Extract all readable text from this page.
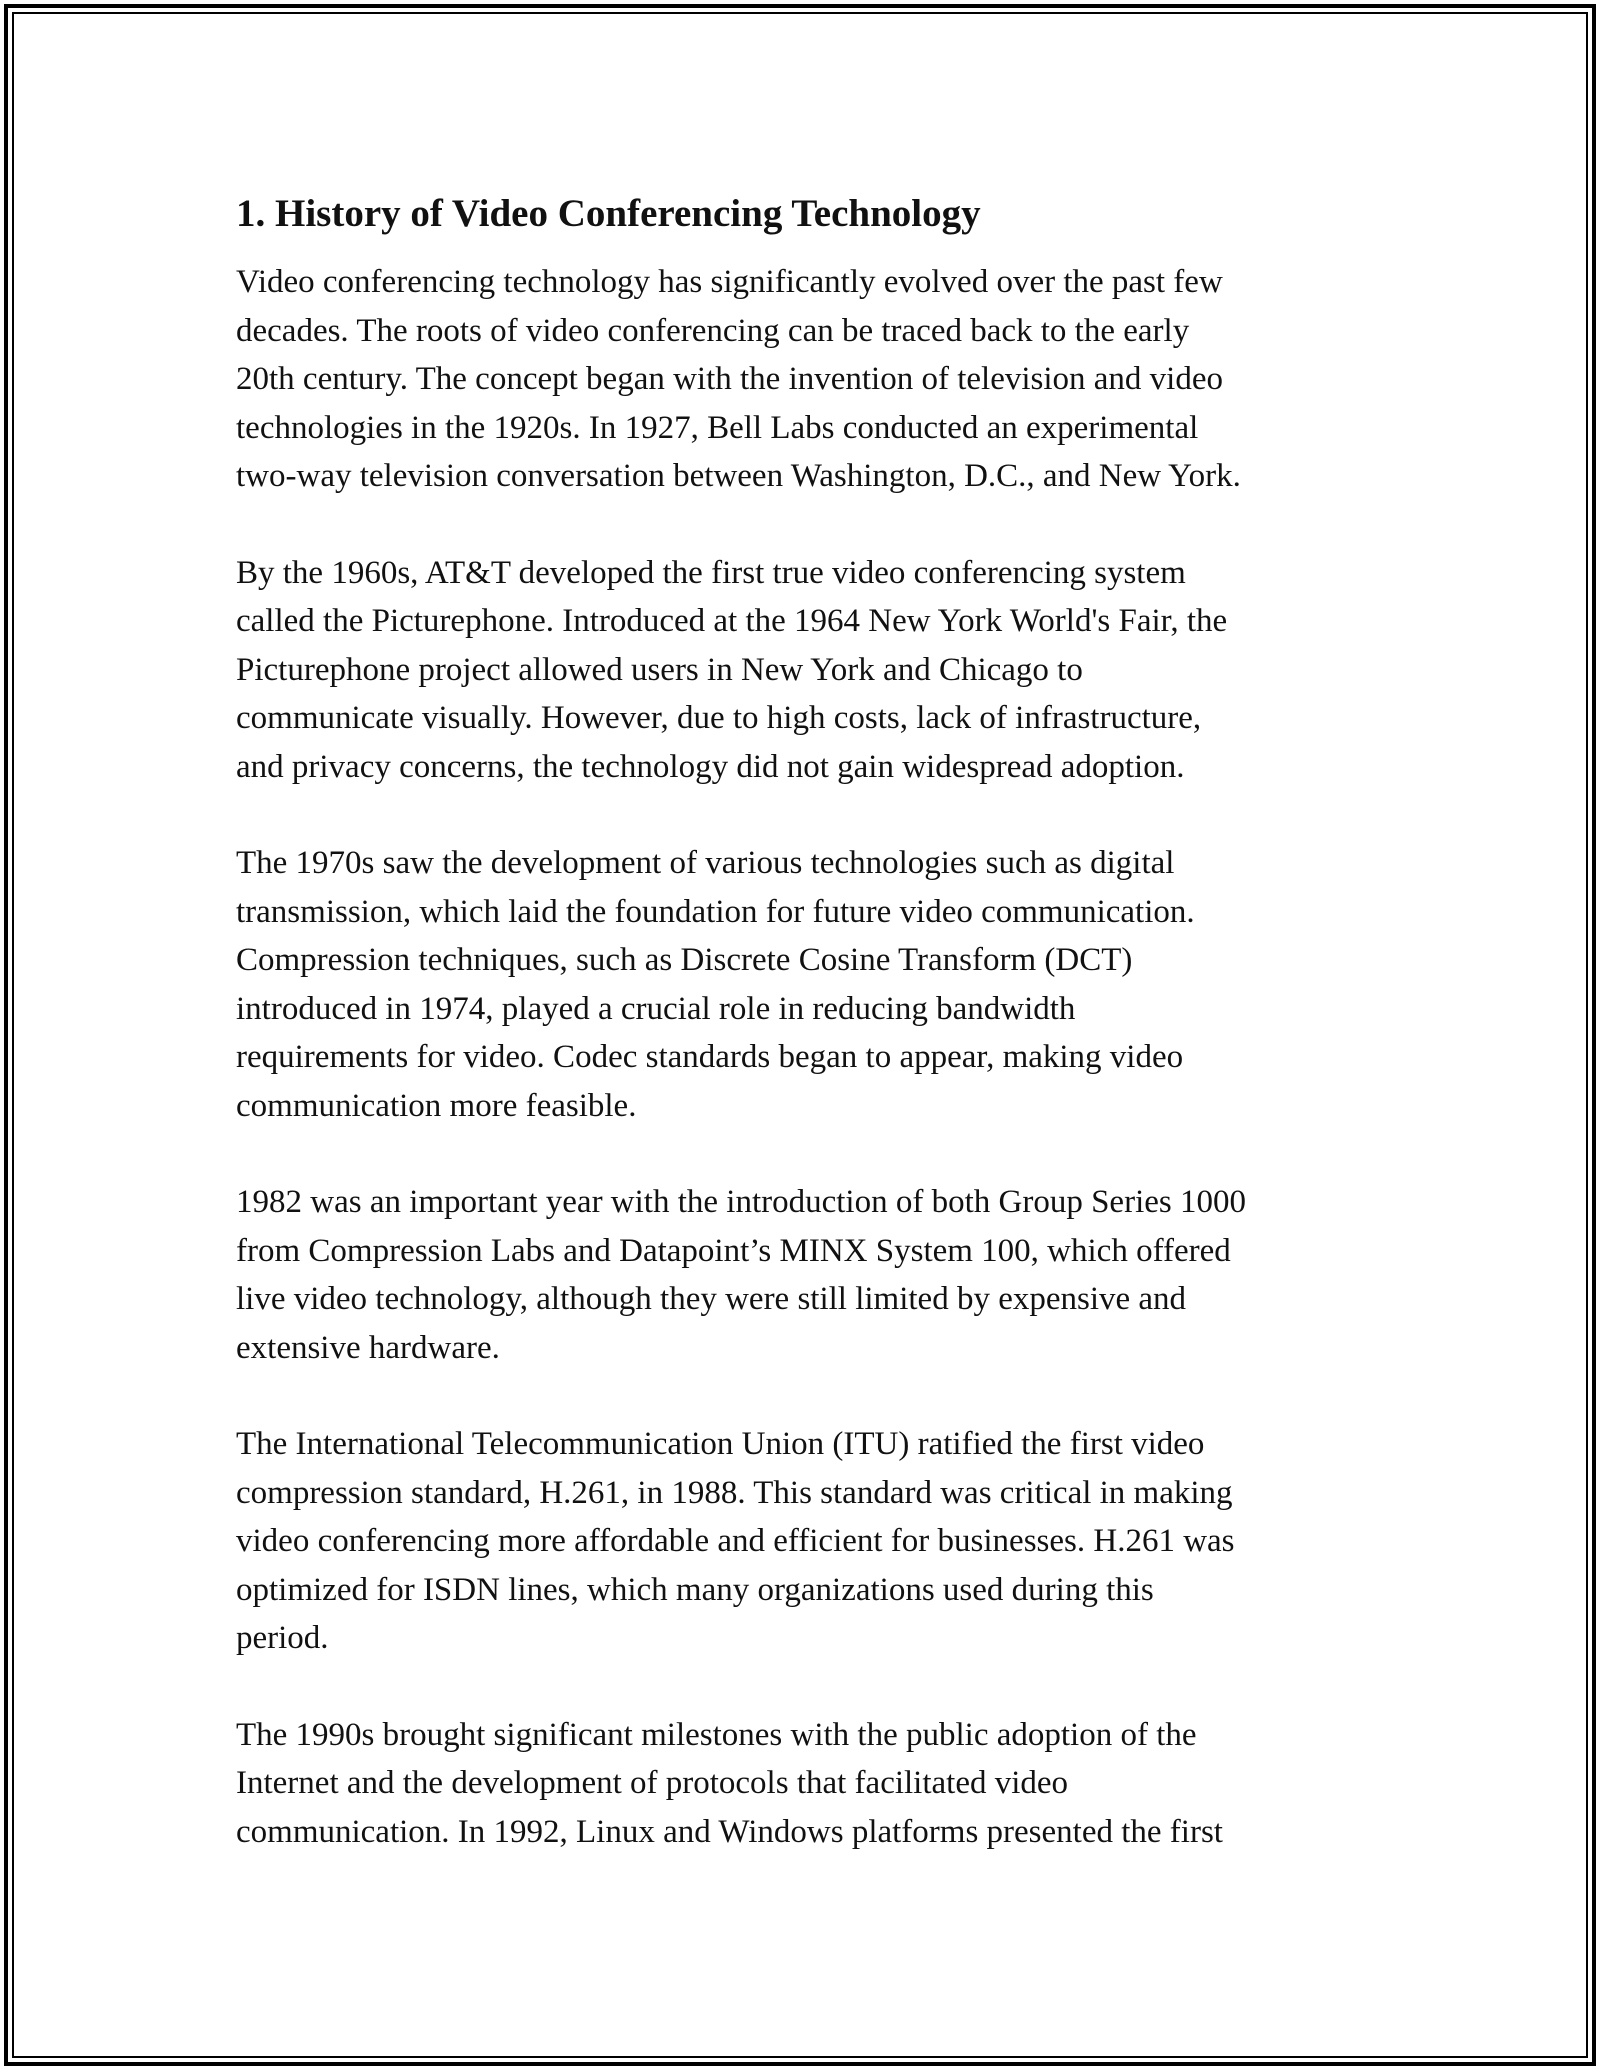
1. History of Video Conferencing Technology

Video conferencing technology has significantly evolved over the past few
decades. The roots of video conferencing can be traced back to the early
20th century. The concept began with the invention of television and video
technologies in the 1920s. In 1927, Bell Labs conducted an experimental
two-way television conversation between Washington, D.C., and New York.

By the 1960s, AT&T developed the first true video conferencing system
called the Picturephone. Introduced at the 1964 New York World's Fair, the
Picturephone project allowed users in New York and Chicago to
communicate visually. However, due to high costs, lack of infrastructure,
and privacy concerns, the technology did not gain widespread adoption.

The 1970s saw the development of various technologies such as digital
transmission, which laid the foundation for future video communication.
Compression techniques, such as Discrete Cosine Transform (DCT)
introduced in 1974, played a crucial role in reducing bandwidth
requirements for video. Codec standards began to appear, making video
communication more feasible.

1982 was an important year with the introduction of both Group Series 1000
from Compression Labs and Datapoint’s MINX System 100, which offered
live video technology, although they were still limited by expensive and
extensive hardware.

The International Telecommunication Union (ITU) ratified the first video
compression standard, H.261, in 1988. This standard was critical in making
video conferencing more affordable and efficient for businesses. H.261 was
optimized for ISDN lines, which many organizations used during this
period.

The 1990s brought significant milestones with the public adoption of the
Internet and the development of protocols that facilitated video
communication. In 1992, Linux and Windows platforms presented the first
